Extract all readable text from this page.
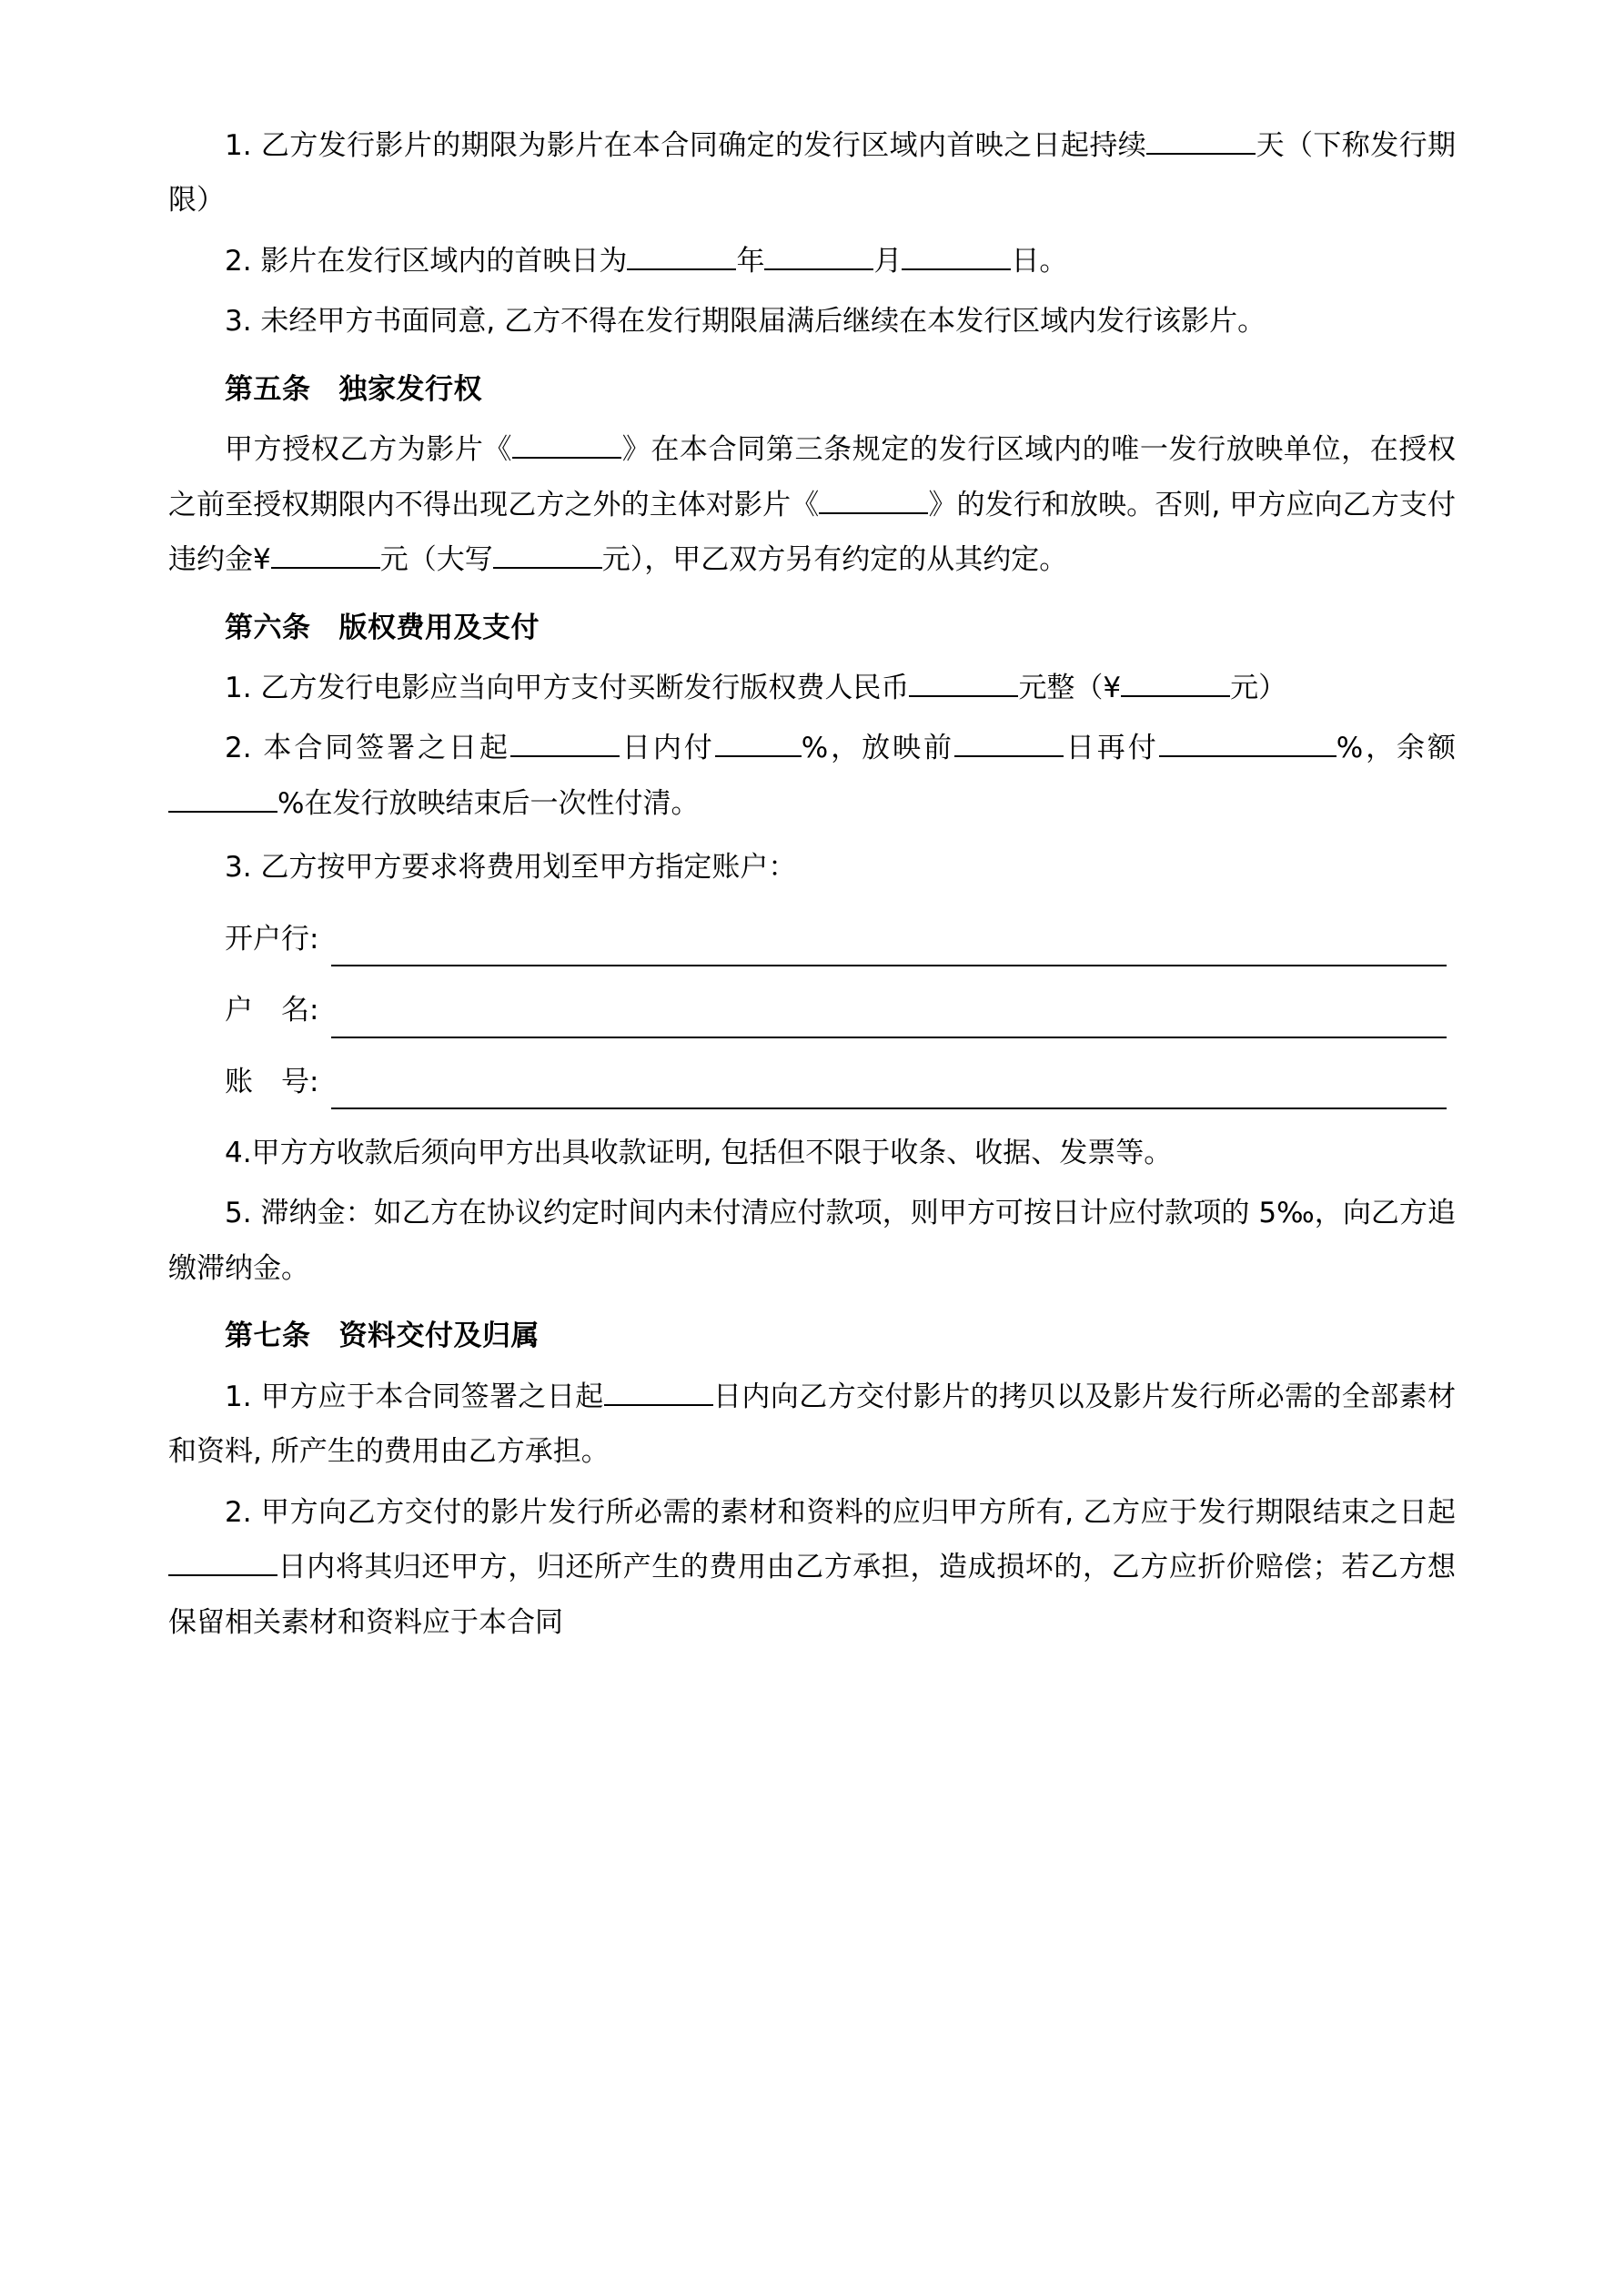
1. 乙方发行影片的期限为影片在本合同确定的发行区域内首映之日起持续	天（下称发行期限）

2. 影片在发行区域内的首映日为	年	月	日。

3. 未经甲方书面同意, 乙方不得在发行期限届满后继续在本发行区域内发行该影片。

第五条 独家发行权

甲方授权乙方为影片《	》在本合同第三条规定的发行区域内的唯一发行放映单位，在授权之前至授权期限内不得出现乙方之外的主体对影片《	》的发行和放映。否则, 甲方应向乙方支付违约金¥	元（大写	元），甲乙双方另有约定的从其约定。

第六条 版权费用及支付

1. 乙方发行电影应当向甲方支付买断发行版权费人民币	元整（¥	元）

2. 本合同签署之日起	日内付	%，放映前	日再付	%，余额%在发行放映结束后一次性付清。

3. 乙方按甲方要求将费用划至甲方指定账户：

开户行:
户　名:
账　号:

4.甲方方收款后须向甲方出具收款证明, 包括但不限于收条、收据、发票等。

5. 滞纳金：如乙方在协议约定时间内未付清应付款项，则甲方可按日计应付款项的 5‰，向乙方追缴滞纳金。

第七条 资料交付及归属

1. 甲方应于本合同签署之日起	日内向乙方交付影片的拷贝以及影片发行所必需的全部素材和资料, 所产生的费用由乙方承担。

2. 甲方向乙方交付的影片发行所必需的素材和资料的应归甲方所有, 乙方应于发行期限结束之日起日内将其归还甲方，归还所产生的费用由乙方承担，造成损坏的，乙方应折价赔偿；若乙方想保留相关素材和资料应于本合同
